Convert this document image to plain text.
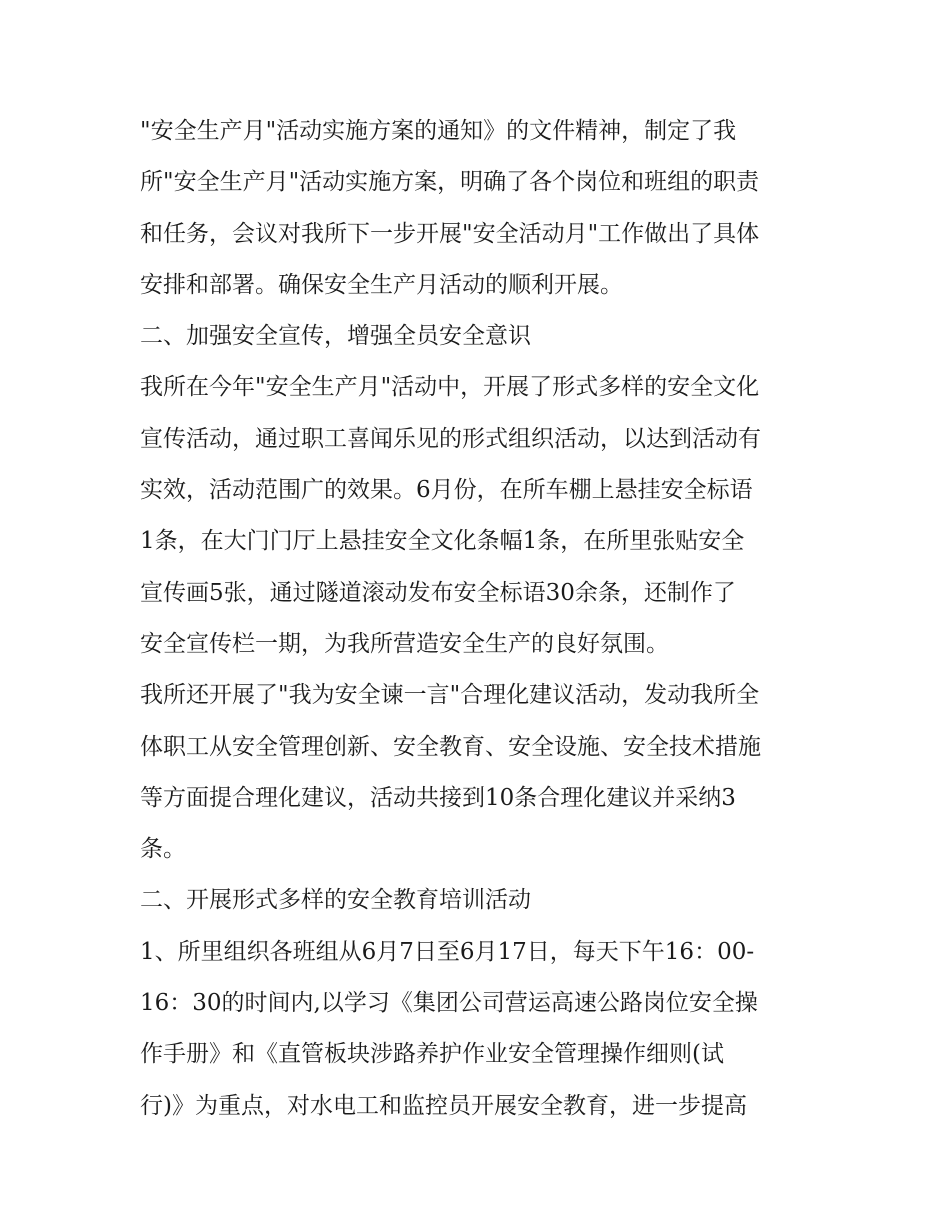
"安全生产月"活动实施方案的通知》的文件精神，制定了我
所"安全生产月"活动实施方案，明确了各个岗位和班组的职责
和任务，会议对我所下一步开展"安全活动月"工作做出了具体
安排和部署。确保安全生产月活动的顺利开展。
二、加强安全宣传，增强全员安全意识
我所在今年"安全生产月"活动中，开展了形式多样的安全文化
宣传活动，通过职工喜闻乐见的形式组织活动，以达到活动有
实效，活动范围广的效果。6月份，在所车棚上悬挂安全标语
1条，在大门门厅上悬挂安全文化条幅1条，在所里张贴安全
宣传画5张，通过隧道滚动发布安全标语30余条，还制作了
安全宣传栏一期，为我所营造安全生产的良好氛围。
我所还开展了"我为安全谏一言"合理化建议活动，发动我所全
体职工从安全管理创新、安全教育、安全设施、安全技术措施
等方面提合理化建议，活动共接到10条合理化建议并采纳3
条。
二、开展形式多样的安全教育培训活动
1、所里组织各班组从6月7日至6月17日，每天下午16：00-
16：30的时间内,以学习《集团公司营运高速公路岗位安全操
作手册》和《直管板块涉路养护作业安全管理操作细则(试
行)》为重点，对水电工和监控员开展安全教育，进一步提高
